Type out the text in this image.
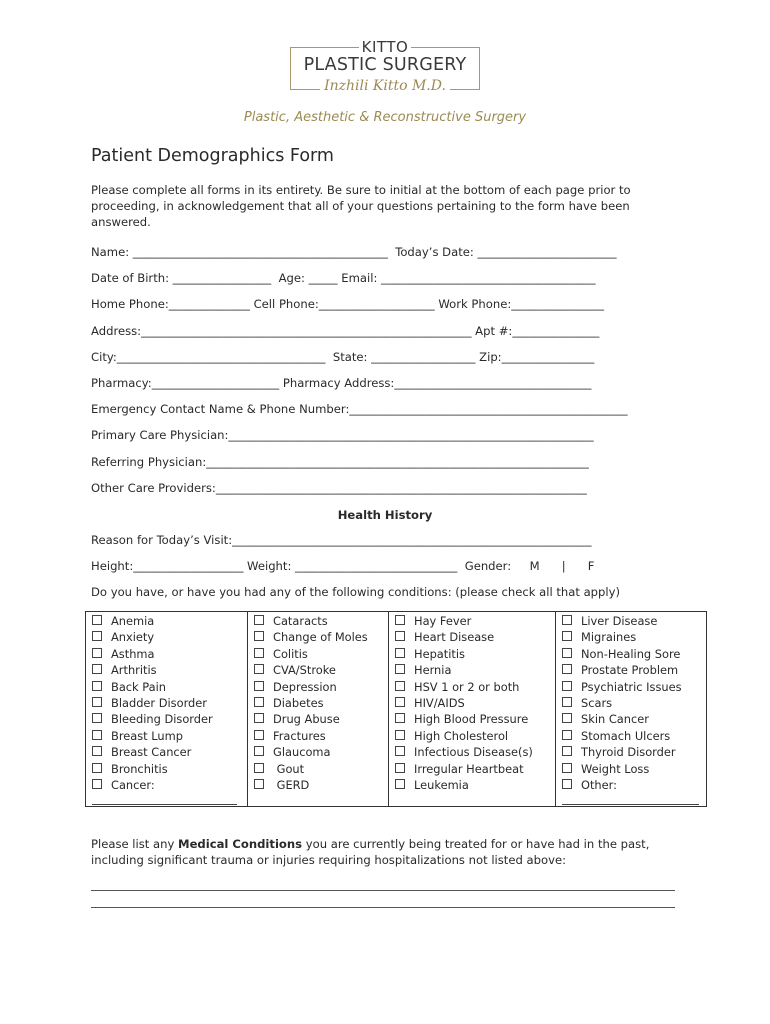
KITTO
PLASTIC SURGERY
Inzhili Kitto M.D.
Plastic, Aesthetic & Reconstructive Surgery
Patient Demographics Form
Please complete all forms in its entirety. Be sure to initial at the bottom of each page prior to proceeding, in acknowledgement that all of your questions pertaining to the form have been answered.
Name: ____________________________________________  Today’s Date: ________________________
Date of Birth: _________________  Age: _____ Email: _____________________________________
Home Phone:______________ Cell Phone:____________________ Work Phone:________________
Address:_________________________________________________________ Apt #:_______________
City:____________________________________  State: __________________ Zip:________________
Pharmacy:______________________ Pharmacy Address:__________________________________
Emergency Contact Name & Phone Number:________________________________________________
Primary Care Physician:_______________________________________________________________
Referring Physician:__________________________________________________________________
Other Care Providers:________________________________________________________________
Health History
Reason for Today’s Visit:______________________________________________________________
Height:___________________ Weight: ____________________________  Gender:     M      |      F
Do you have, or have you had any of the following conditions: (please check all that apply)
Anemia
Anxiety
Asthma
Arthritis
Back Pain
Bladder Disorder
Bleeding Disorder
Breast Lump
Breast Cancer
Bronchitis
Cancer:
Cataracts
Change of Moles
Colitis
CVA/Stroke
Depression
Diabetes
Drug Abuse
Fractures
Glaucoma
Gout
GERD
Hay Fever
Heart Disease
Hepatitis
Hernia
HSV 1 or 2 or both
HIV/AIDS
High Blood Pressure
High Cholesterol
Infectious Disease(s)
Irregular Heartbeat
Leukemia
Liver Disease
Migraines
Non-Healing Sore
Prostate Problem
Psychiatric Issues
Scars
Skin Cancer
Stomach Ulcers
Thyroid Disorder
Weight Loss
Other:
Please list any Medical Conditions you are currently being treated for or have had in the past, including significant trauma or injuries requiring hospitalizations not listed above:
